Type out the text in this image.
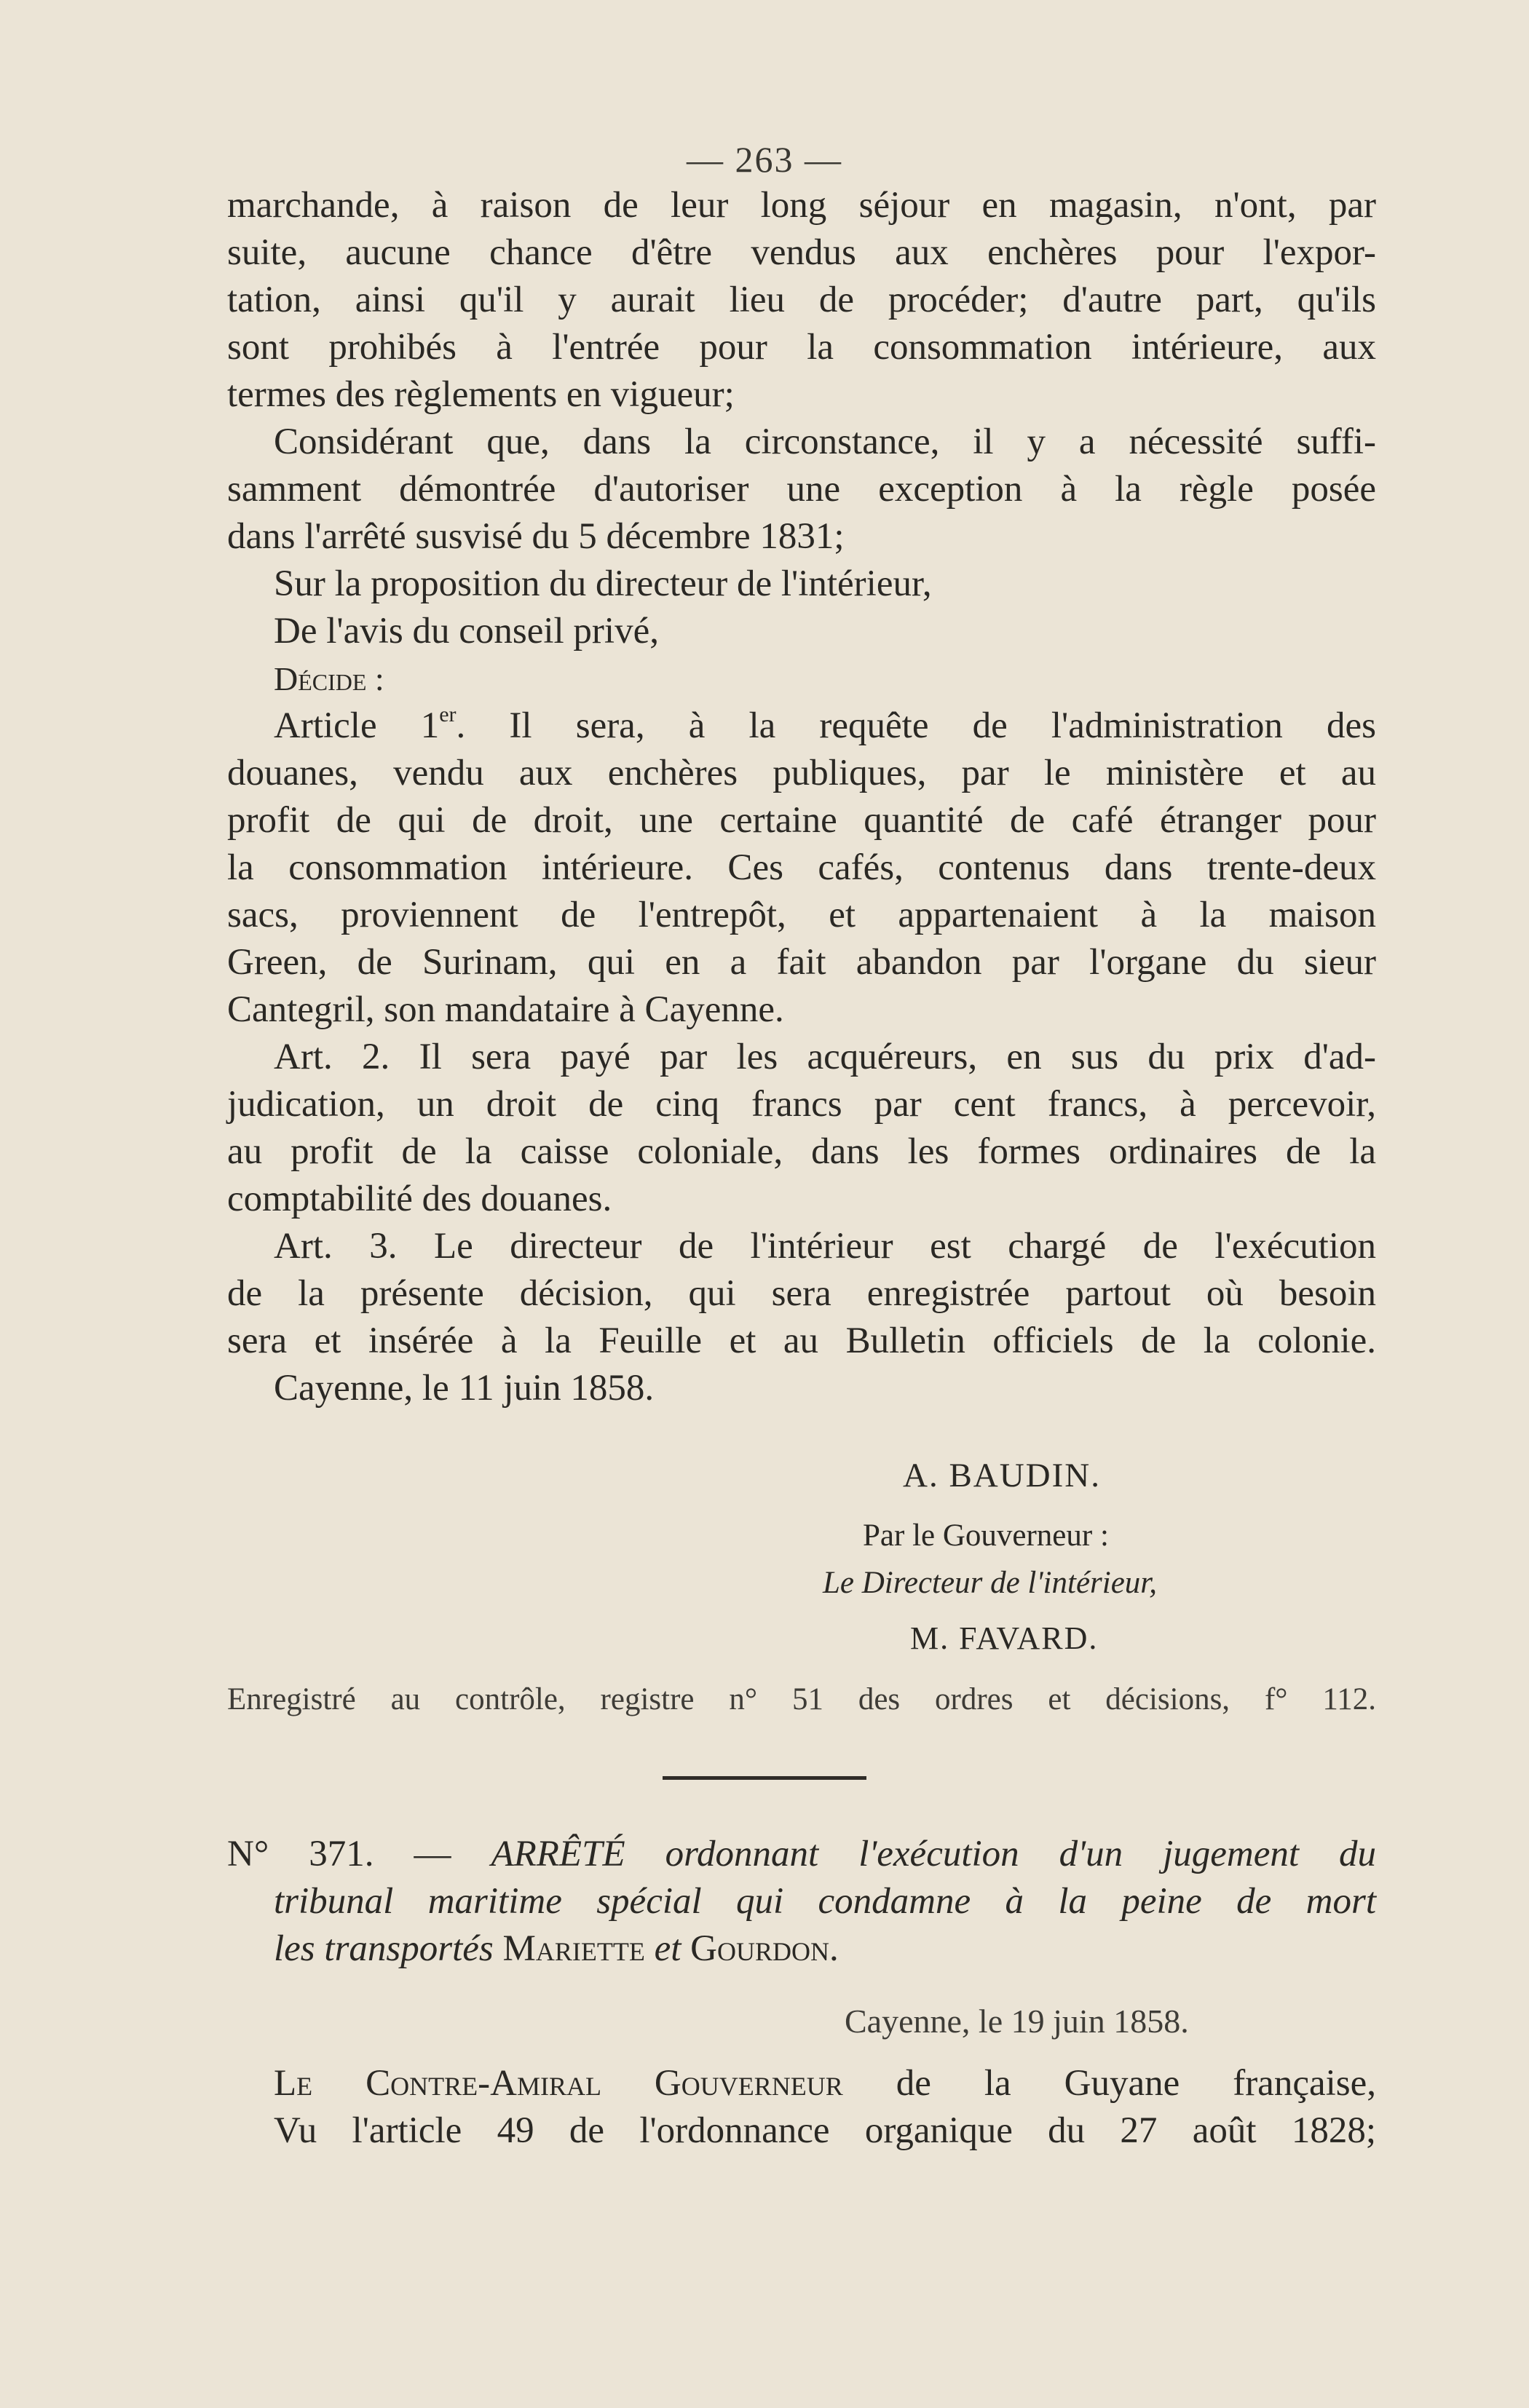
— 263 —

marchande, à raison de leur long séjour en magasin, n'ont, par

suite, aucune chance d'être vendus aux enchères pour l'expor-

tation, ainsi qu'il y aurait lieu de procéder; d'autre part, qu'ils

sont prohibés à l'entrée pour la consommation intérieure, aux

termes des règlements en vigueur;

Considérant que, dans la circonstance, il y a nécessité suffi-

samment démontrée d'autoriser une exception à la règle posée

dans l'arrêté susvisé du 5 décembre 1831;

Sur la proposition du directeur de l'intérieur,

De l'avis du conseil privé,

Décide :

Article 1er. Il sera, à la requête de l'administration des

douanes, vendu aux enchères publiques, par le ministère et au

profit de qui de droit, une certaine quantité de café étranger pour

la consommation intérieure. Ces cafés, contenus dans trente-deux

sacs, proviennent de l'entrepôt, et appartenaient à la maison

Green, de Surinam, qui en a fait abandon par l'organe du sieur

Cantegril, son mandataire à Cayenne.

Art. 2. Il sera payé par les acquéreurs, en sus du prix d'ad-

judication, un droit de cinq francs par cent francs, à percevoir,

au profit de la caisse coloniale, dans les formes ordinaires de la

comptabilité des douanes.

Art. 3. Le directeur de l'intérieur est chargé de l'exécution

de la présente décision, qui sera enregistrée partout où besoin

sera et insérée à la Feuille et au Bulletin officiels de la colonie.

Cayenne, le 11 juin 1858.

A. BAUDIN.
Par le Gouverneur :
Le Directeur de l'intérieur,
M. FAVARD.
Enregistré au contrôle, registre n° 51 des ordres et décisions, f° 112.

N° 371. — ARRÊTÉ ordonnant l'exécution d'un jugement du

tribunal maritime spécial qui condamne à la peine de mort

les transportés Mariette et Gourdon.

Cayenne, le 19 juin 1858.

Le Contre-Amiral Gouverneur de la Guyane française,

Vu l'article 49 de l'ordonnance organique du 27 août 1828;
